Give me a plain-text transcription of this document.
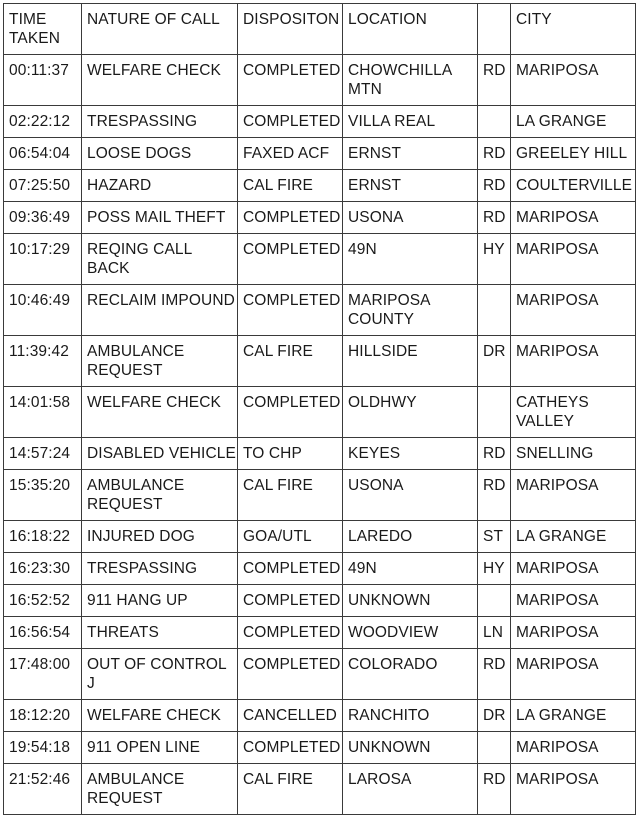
TIME
TAKEN	NATURE OF CALL	DISPOSITON	LOCATION		CITY
00:11:37	WELFARE CHECK	COMPLETED	CHOWCHILLA MTN	RD	MARIPOSA
02:22:12	TRESPASSING	COMPLETED	VILLA REAL		LA GRANGE
06:54:04	LOOSE DOGS	FAXED ACF	ERNST	RD	GREELEY HILL
07:25:50	HAZARD	CAL FIRE	ERNST	RD	COULTERVILLE
09:36:49	POSS MAIL THEFT	COMPLETED	USONA	RD	MARIPOSA
10:17:29	REQING CALL BACK	COMPLETED	49N	HY	MARIPOSA
10:46:49	RECLAIM IMPOUND	COMPLETED	MARIPOSA COUNTY		MARIPOSA
11:39:42	AMBULANCE REQUEST	CAL FIRE	HILLSIDE	DR	MARIPOSA
14:01:58	WELFARE CHECK	COMPLETED	OLDHWY		CATHEYS VALLEY
14:57:24	DISABLED VEHICLE	TO CHP	KEYES	RD	SNELLING
15:35:20	AMBULANCE REQUEST	CAL FIRE	USONA	RD	MARIPOSA
16:18:22	INJURED DOG	GOA/UTL	LAREDO	ST	LA GRANGE
16:23:30	TRESPASSING	COMPLETED	49N	HY	MARIPOSA
16:52:52	911 HANG UP	COMPLETED	UNKNOWN		MARIPOSA
16:56:54	THREATS	COMPLETED	WOODVIEW	LN	MARIPOSA
17:48:00	OUT OF CONTROL J	COMPLETED	COLORADO	RD	MARIPOSA
18:12:20	WELFARE CHECK	CANCELLED	RANCHITO	DR	LA GRANGE
19:54:18	911 OPEN LINE	COMPLETED	UNKNOWN		MARIPOSA
21:52:46	AMBULANCE REQUEST	CAL FIRE	LAROSA	RD	MARIPOSA
